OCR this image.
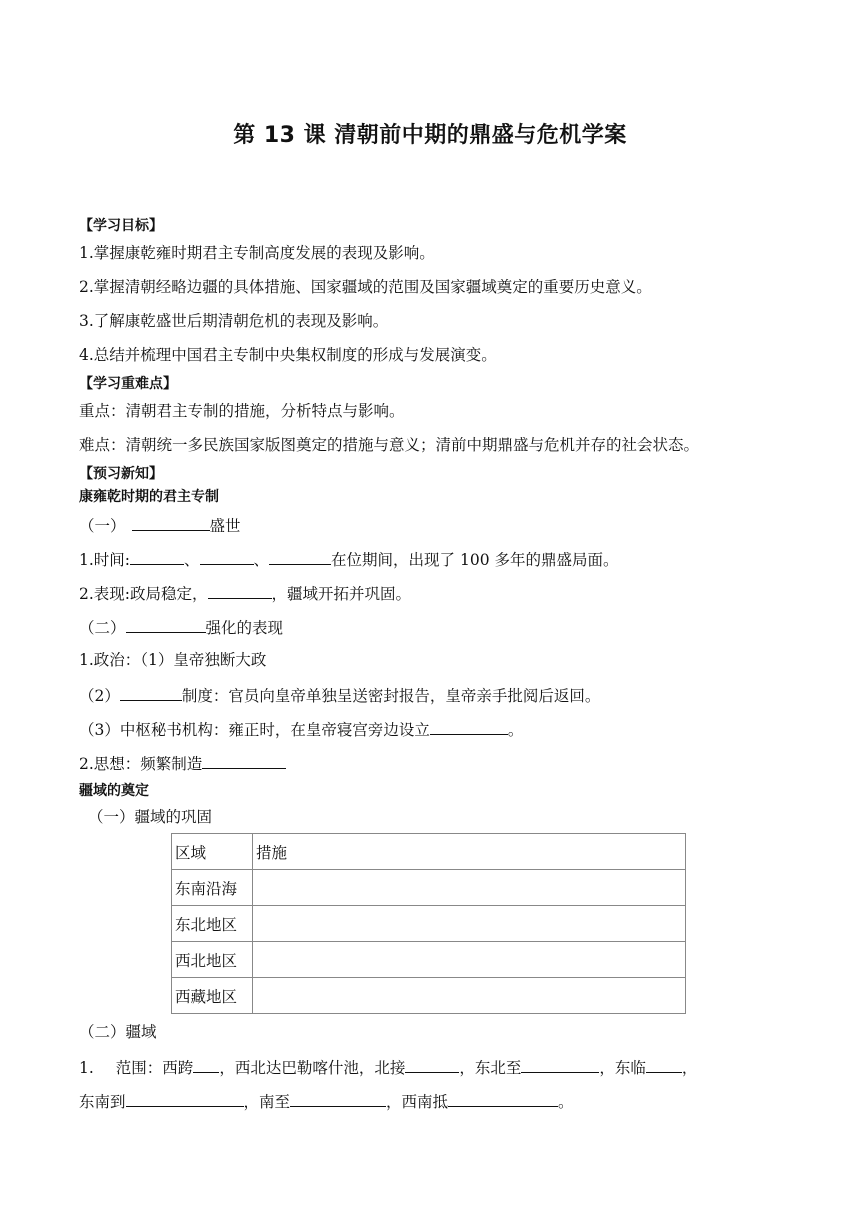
第 13 课 清朝前中期的鼎盛与危机学案
【学习目标】
1.掌握康乾雍时期君主专制高度发展的表现及影响。
2.掌握清朝经略边疆的具体措施、国家疆域的范围及国家疆域奠定的重要历史意义。
3.了解康乾盛世后期清朝危机的表现及影响。
4.总结并梳理中国君主专制中央集权制度的形成与发展演变。
【学习重难点】
重点：清朝君主专制的措施，分析特点与影响。
难点：清朝统一多民族国家版图奠定的措施与意义；清前中期鼎盛与危机并存的社会状态。
【预习新知】
康雍乾时期的君主专制
（一）	盛世
1.时间:	、	、	在位期间，出现了 100 多年的鼎盛局面。
2.表现:政局稳定，	，疆域开拓并巩固。
（二）	强化的表现
1.政治：（1）皇帝独断大政
（2）	制度：官员向皇帝单独呈送密封报告，皇帝亲手批阅后返回。
（3）中枢秘书机构：雍正时，在皇帝寝宫旁边设立	。
2.思想：频繁制造
疆域的奠定
（一）疆域的巩固
区域	措施
东南沿海	
东北地区	
西北地区	
西藏地区	
（二）疆域
1. 范围：西跨 ，西北达巴勒喀什池，北接	，东北至	，东临 ，
东南到	，南至	，西南抵	。
